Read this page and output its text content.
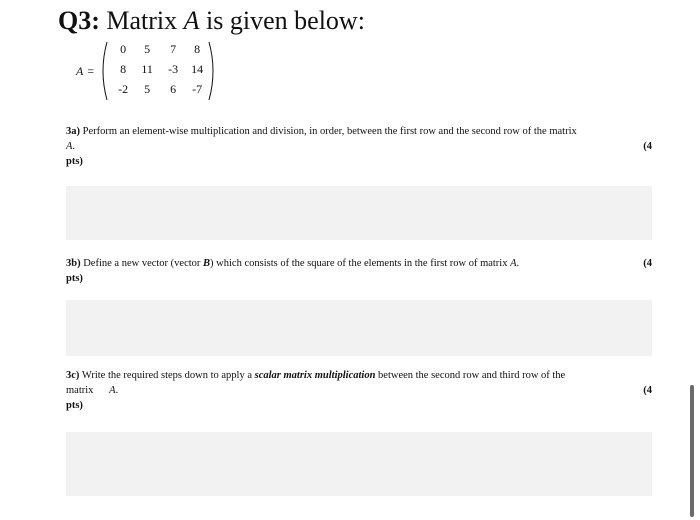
Q3: Matrix A is given below:
A =
0	5	7	8
8	11	-3	14
-2	5	6	-7
3a) Perform an element-wise multiplication and division, in order, between the first row and the second row of the matrix
A.	(4
pts)
3b) Define a new vector (vector B) which consists of the square of the elements in the first row of matrix A.	(4
pts)
3c) Write the required steps down to apply a scalar matrix multiplication between the second row and third row of the
matrix A.	(4
pts)
